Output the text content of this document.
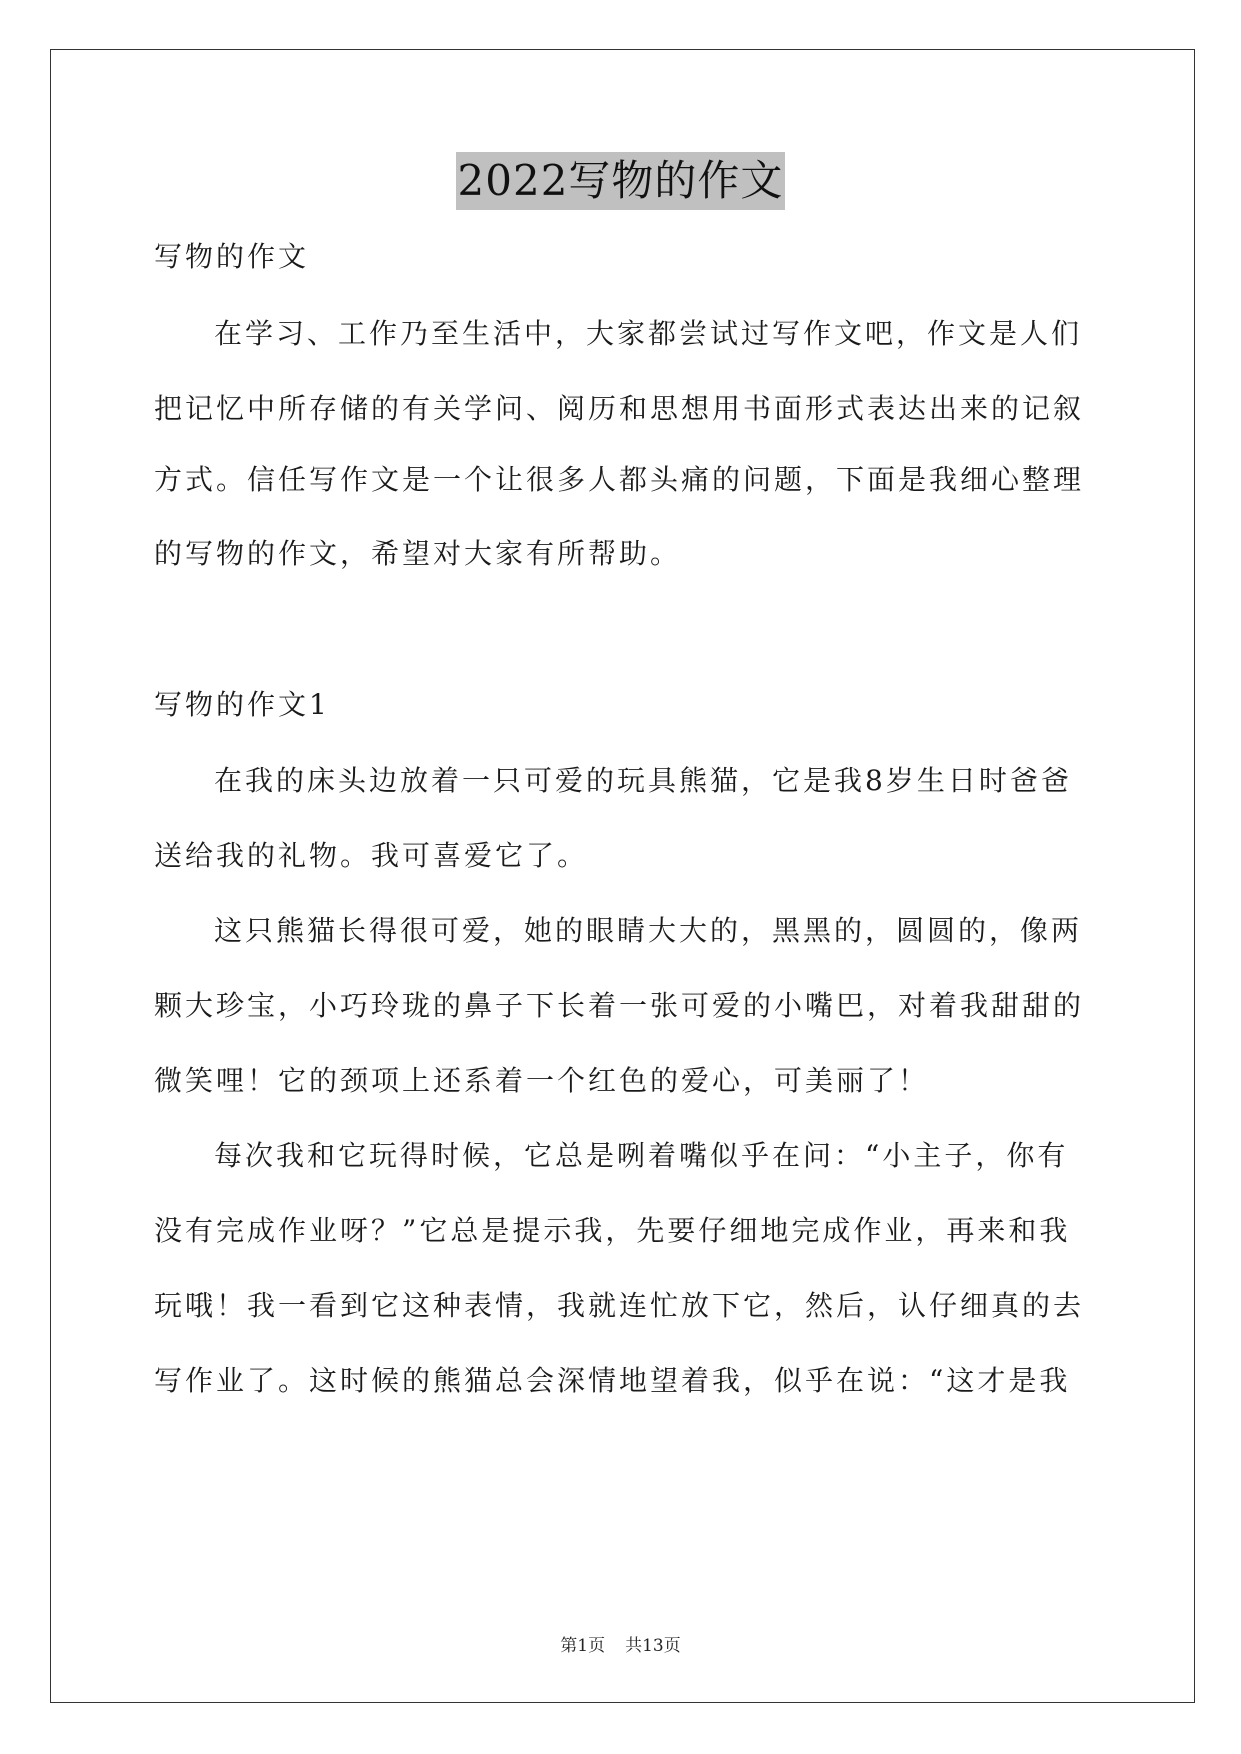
2022写物的作文
写物的作文
在学习、工作乃至生活中，大家都尝试过写作文吧，作文是人们
把记忆中所存储的有关学问、阅历和思想用书面形式表达出来的记叙
方式。信任写作文是一个让很多人都头痛的问题，下面是我细心整理
的写物的作文，希望对大家有所帮助。
写物的作文1
在我的床头边放着一只可爱的玩具熊猫，它是我8岁生日时爸爸
送给我的礼物。我可喜爱它了。
这只熊猫长得很可爱，她的眼睛大大的，黑黑的，圆圆的，像两
颗大珍宝，小巧玲珑的鼻子下长着一张可爱的小嘴巴，对着我甜甜的
微笑哩！它的颈项上还系着一个红色的爱心，可美丽了！
每次我和它玩得时候，它总是咧着嘴似乎在问：“小主子，你有
没有完成作业呀？”它总是提示我，先要仔细地完成作业，再来和我
玩哦！我一看到它这种表情，我就连忙放下它，然后，认仔细真的去
写作业了。这时候的熊猫总会深情地望着我，似乎在说：“这才是我
第1页 共13页
